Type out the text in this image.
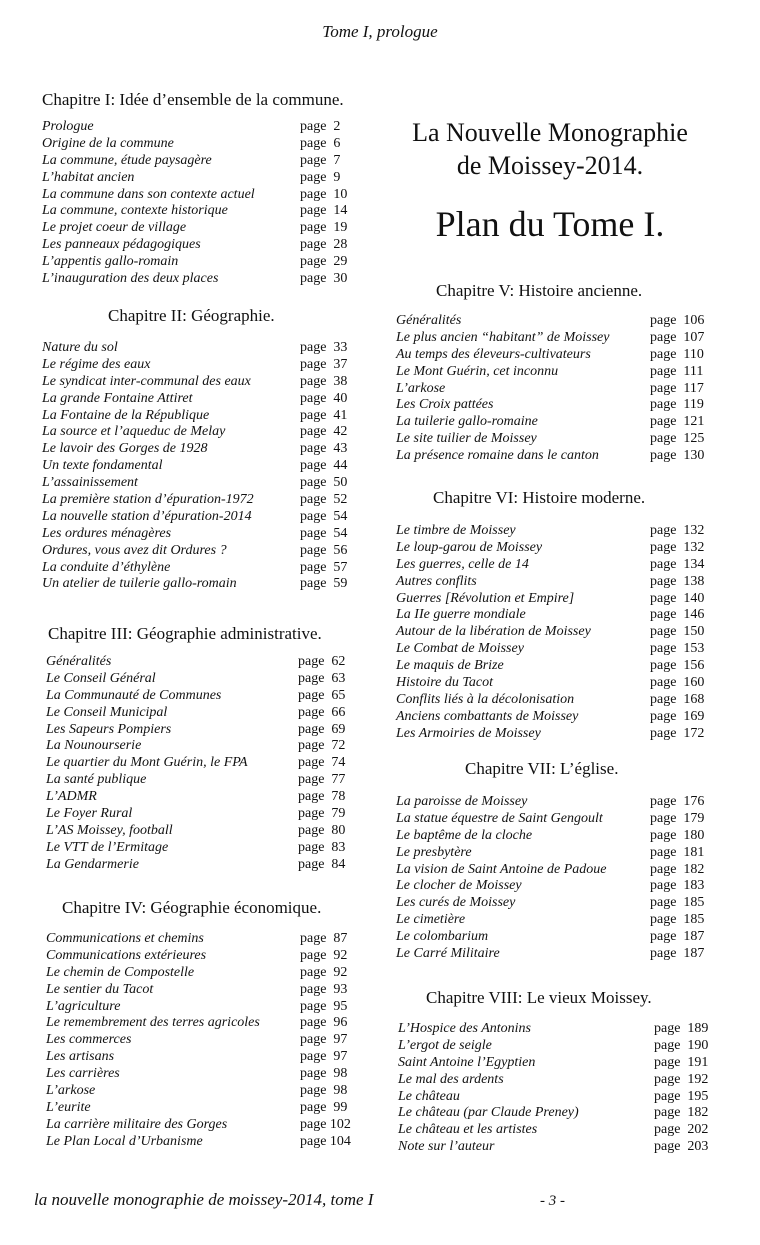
Tome I, prologue
Chapitre I: Idée d’ensemble de la commune.
Prologue	page  2
Origine de la commune	page  6
La commune, étude paysagère	page  7
L’habitat ancien	page  9
La commune dans son contexte actuel	page  10
La commune, contexte historique	page  14
Le projet coeur de village	page  19
Les panneaux pédagogiques	page  28
L’appentis gallo-romain	page  29
L’inauguration des deux places	page  30
Chapitre II: Géographie.
Nature du sol	page  33
Le régime des eaux	page  37
Le syndicat inter-communal des eaux	page  38
La grande Fontaine Attiret	page  40
La Fontaine de la République	page  41
La source et l’aqueduc de Melay	page  42
Le lavoir des Gorges de 1928	page  43
Un texte fondamental	page  44
L’assainissement	page  50
La première station d’épuration-1972	page  52
La nouvelle station d’épuration-2014	page  54
Les ordures ménagères	page  54
Ordures, vous avez dit Ordures ?	page  56
La conduite d’éthylène	page  57
Un atelier de tuilerie gallo-romain	page  59
Chapitre III: Géographie administrative.
Généralités	page  62
Le Conseil Général	page  63
La Communauté de Communes	page  65
Le Conseil Municipal	page  66
Les Sapeurs Pompiers	page  69
La Nounourserie	page  72
Le quartier du Mont Guérin, le FPA	page  74
La santé publique	page  77
L’ADMR	page  78
Le Foyer Rural	page  79
L’AS Moissey, football	page  80
Le VTT de l’Ermitage	page  83
La Gendarmerie	page  84
Chapitre IV: Géographie économique.
Communications et chemins	page  87
Communications extérieures	page  92
Le chemin de Compostelle	page  92
Le sentier du Tacot	page  93
L’agriculture	page  95
Le remembrement des terres agricoles	page  96
Les commerces	page  97
Les artisans	page  97
Les carrières	page  98
L’arkose	page  98
L’eurite	page  99
La carrière militaire des Gorges	page 102
Le Plan Local d’Urbanisme	page 104
La Nouvelle Monographie
de Moissey-2014.
Plan du Tome I.
Chapitre V: Histoire ancienne.
Généralités	page  106
Le plus ancien “habitant” de Moissey	page  107
Au temps des éleveurs-cultivateurs	page  110
Le Mont Guérin, cet inconnu	page  111
L’arkose	page  117
Les Croix pattées	page  119
La tuilerie gallo-romaine	page  121
Le site tuilier de Moissey	page  125
La présence romaine dans le canton	page  130
Chapitre VI: Histoire moderne.
Le timbre de Moissey	page  132
Le loup-garou de Moissey	page  132
Les guerres, celle de 14	page  134
Autres conflits	page  138
Guerres [Révolution et Empire]	page  140
La IIe guerre mondiale	page  146
Autour de la libération de Moissey	page  150
Le Combat de Moissey	page  153
Le maquis de Brize	page  156
Histoire du Tacot	page  160
Conflits liés à la décolonisation	page  168
Anciens combattants de Moissey	page  169
Les Armoiries de Moissey	page  172
Chapitre VII: L’église.
La paroisse de Moissey	page  176
La statue équestre de Saint Gengoult	page  179
Le baptême de la cloche	page  180
Le presbytère	page  181
La vision de Saint Antoine de Padoue	page  182
Le clocher de Moissey	page  183
Les curés de Moissey	page  185
Le cimetière	page  185
Le colombarium	page  187
Le Carré Militaire	page  187
Chapitre VIII: Le vieux Moissey.
L’Hospice des Antonins	page  189
L’ergot de seigle	page  190
Saint Antoine l’Egyptien	page  191
Le mal des ardents	page  192
Le château	page  195
Le château (par Claude Preney)	page  182
Le château et les artistes	page  202
Note sur l’auteur	page  203
la nouvelle monographie de moissey-2014, tome I	- 3 -
